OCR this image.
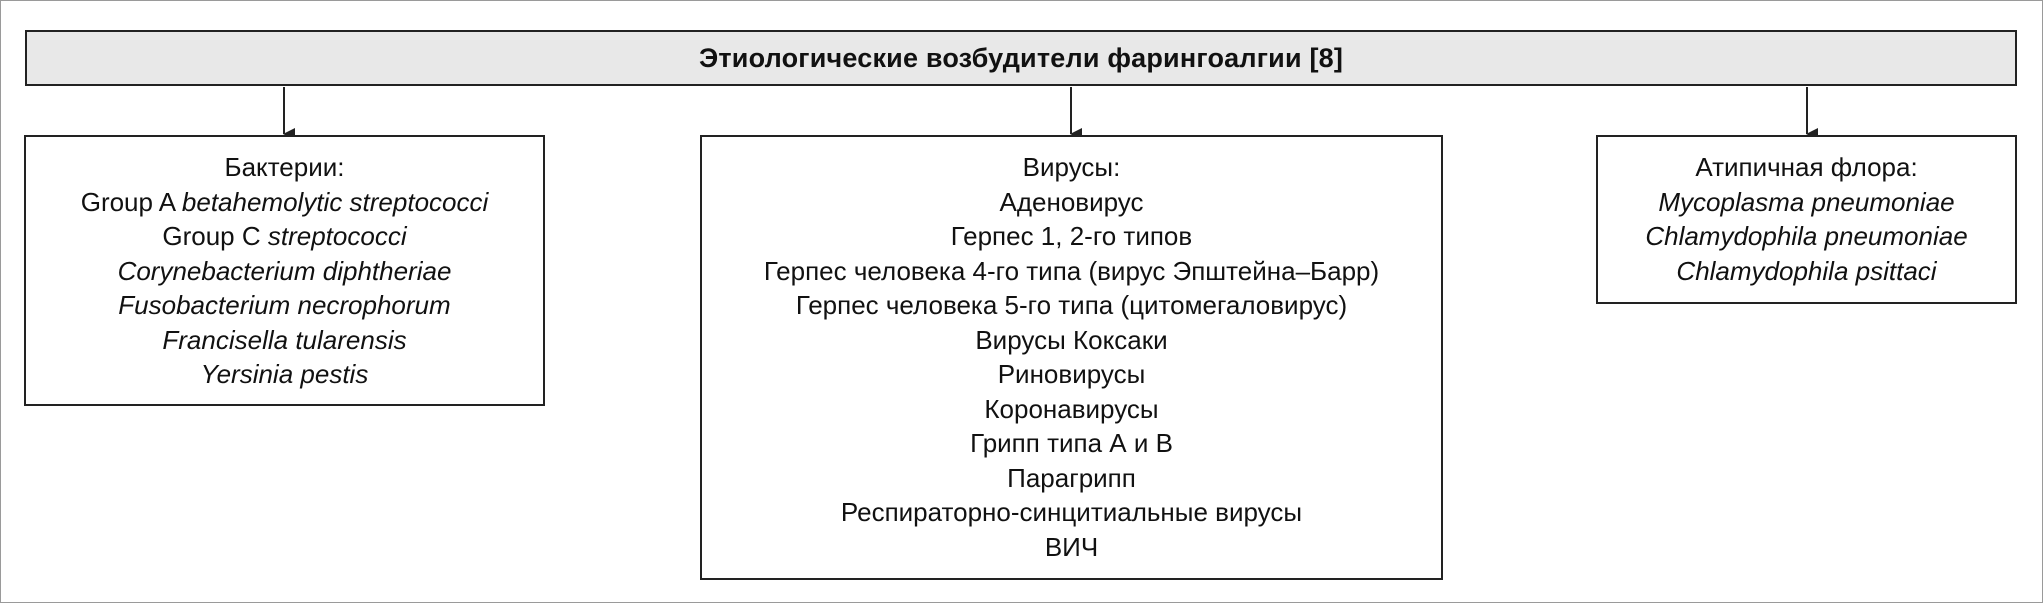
Этиологические возбудители фарингоалгии [8]
Бактерии:
Group A betahemolytic streptococci
Group C streptococci
Corynebacterium diphtheriae
Fusobacterium necrophorum
Francisella tularensis
Yersinia pestis
Вирусы:
Аденовирус
Герпес 1, 2-го типов
Герпес человека 4-го типа (вирус Эпштейна–Барр)
Герпес человека 5-го типа (цитомегаловирус)
Вирусы Коксаки
Риновирусы
Коронавирусы
Грипп типа А и В
Парагрипп
Респираторно-синцитиальные вирусы
ВИЧ
Атипичная флора:
Mycoplasma pneumoniae
Chlamydophila pneumoniae
Chlamydophila psittaci
